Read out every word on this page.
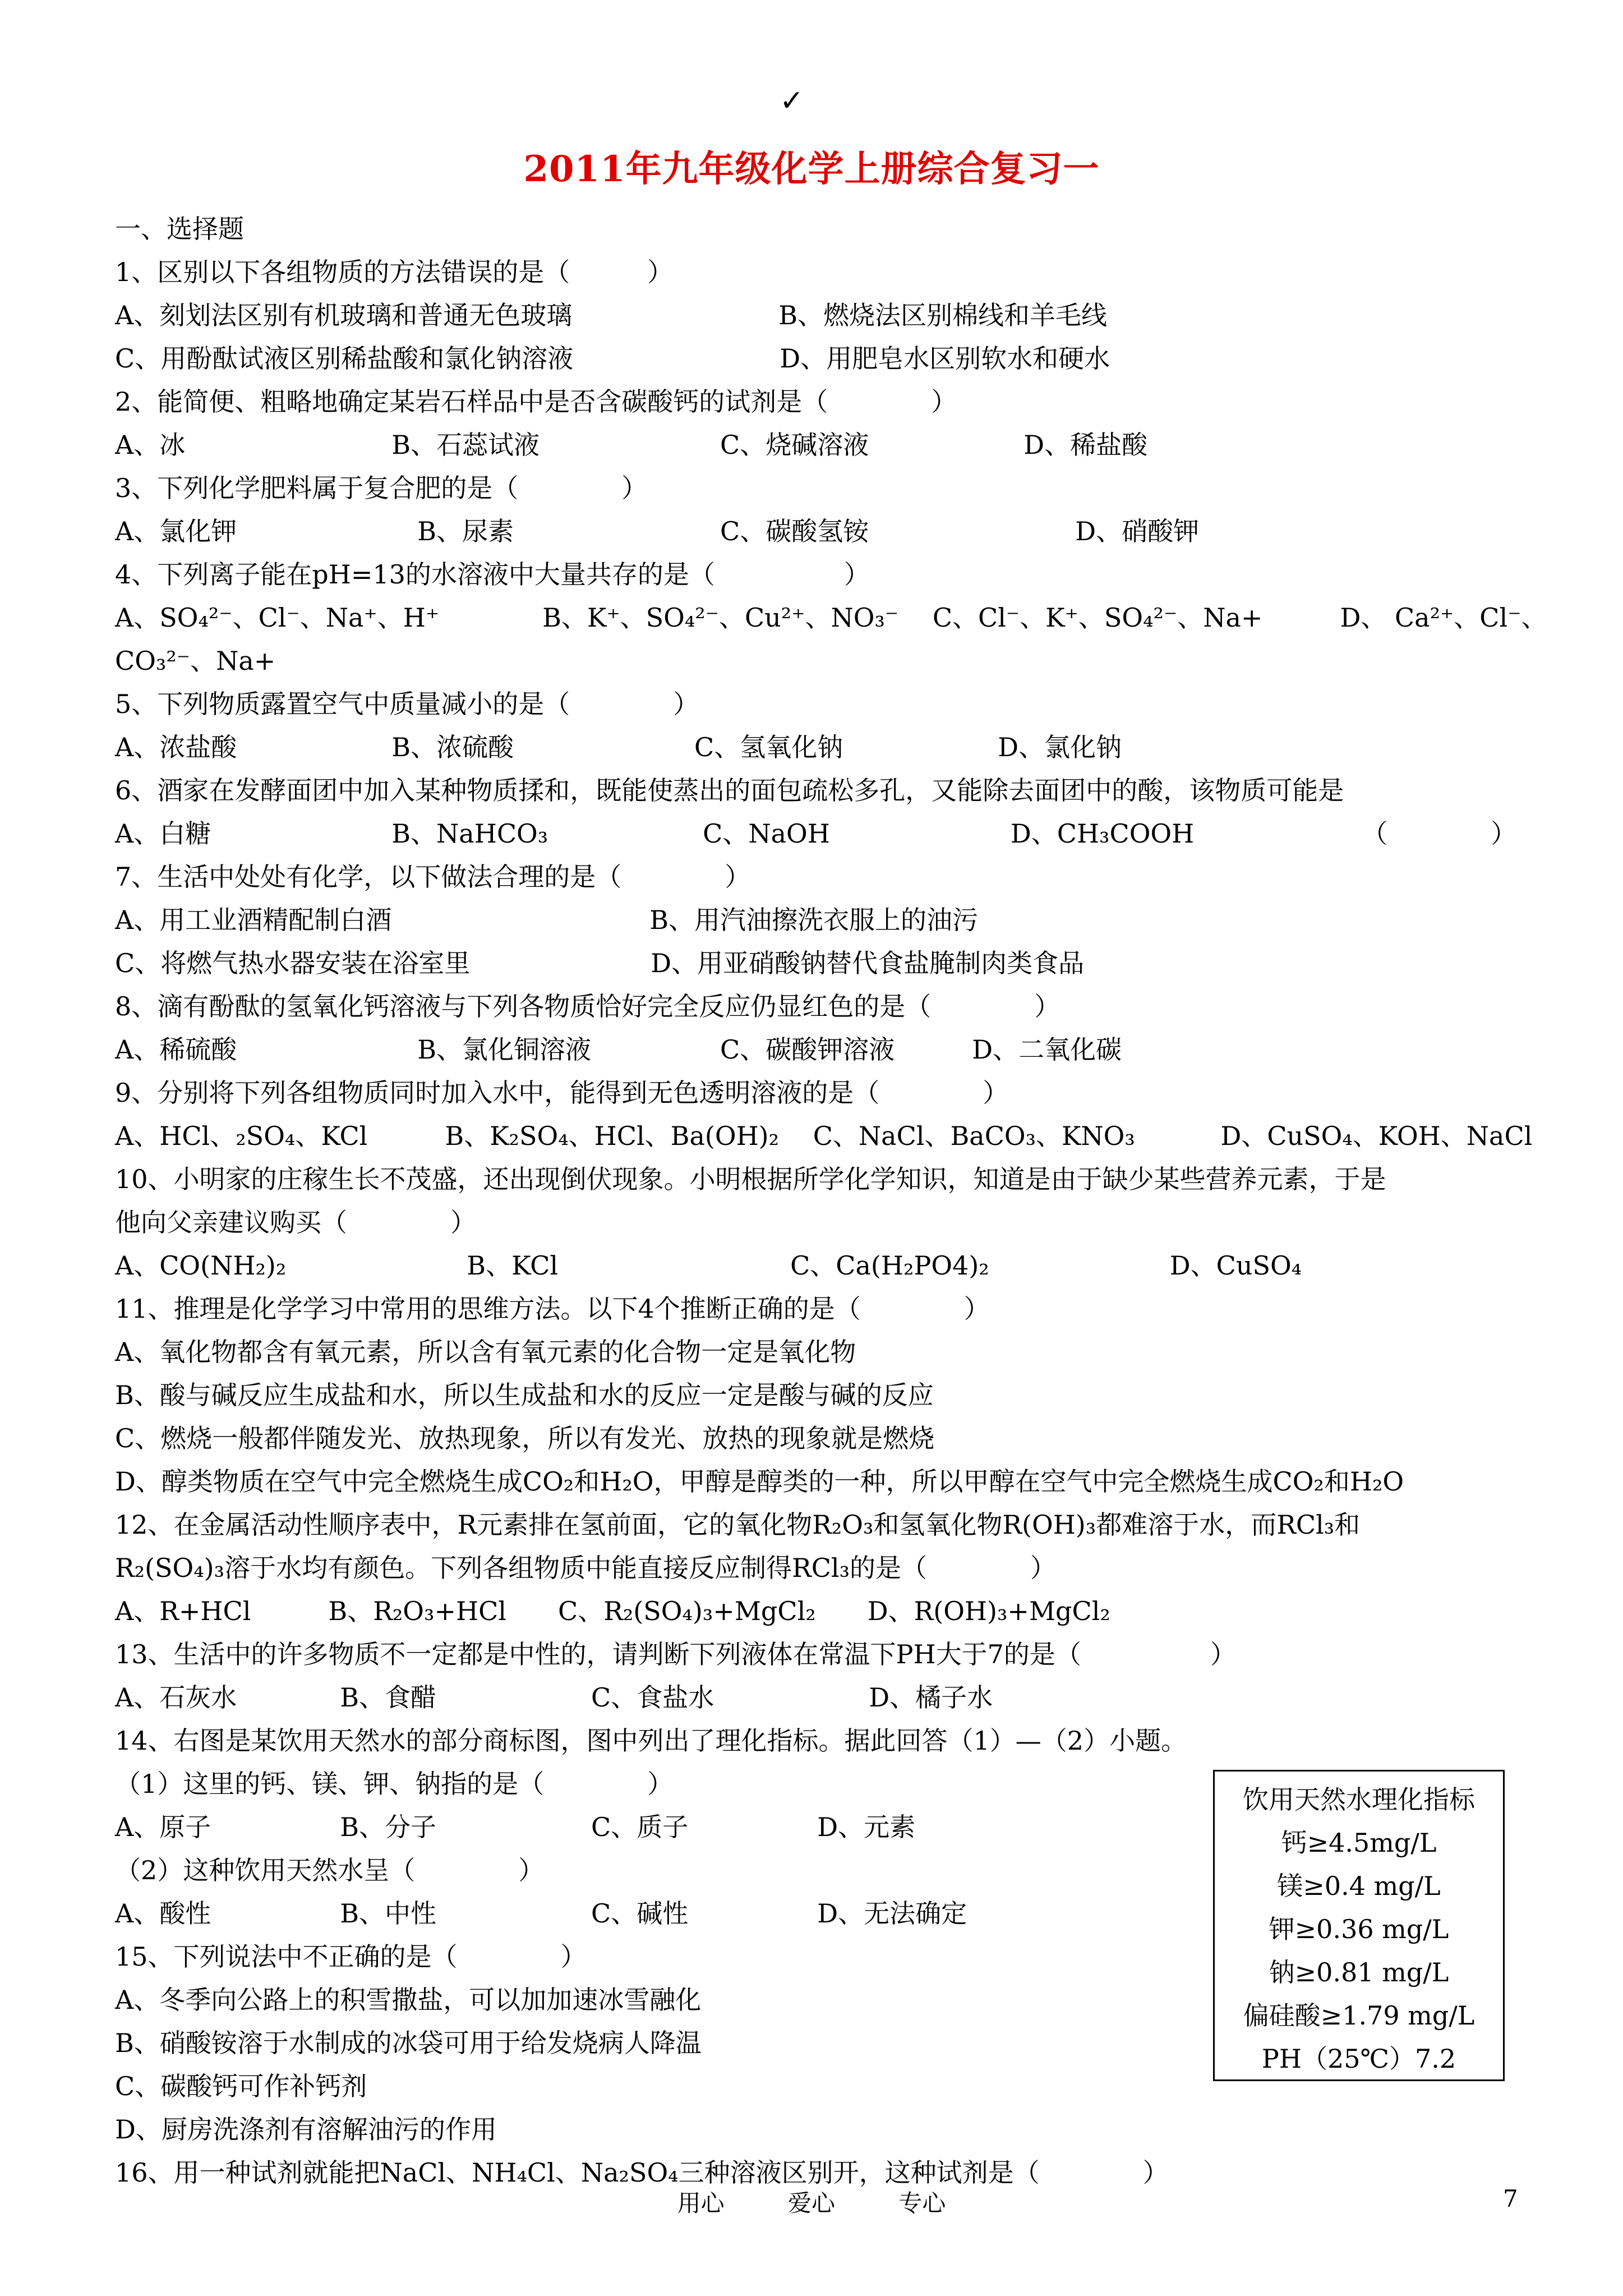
✓
2011年九年级化学上册综合复习一
一、选择题
1、区别以下各组物质的方法错误的是（　　　）
A、刻划法区别有机玻璃和普通无色玻璃　　　　　　　　B、燃烧法区别棉线和羊毛线
C、用酚酞试液区别稀盐酸和氯化钠溶液　　　　　　　　D、用肥皂水区别软水和硬水
2、能简便、粗略地确定某岩石样品中是否含碳酸钙的试剂是（　　　　）
A、冰　　　　　　　　B、石蕊试液　　　　　　　C、烧碱溶液　　　　　　D、稀盐酸
3、下列化学肥料属于复合肥的是（　　　　）
A、氯化钾　　　　　　　B、尿素　　　　　　　　C、碳酸氢铵　　　　　　　　D、硝酸钾
4、下列离子能在pH=13的水溶液中大量共存的是（　　　　　）
A、SO₄²⁻、Cl⁻、Na⁺、H⁺　　　　B、K⁺、SO₄²⁻、Cu²⁺、NO₃⁻　 C、Cl⁻、K⁺、SO₄²⁻、Na+　　　D、 Ca²⁺、Cl⁻、
CO₃²⁻、Na+
5、下列物质露置空气中质量减小的是（　　　　）
A、浓盐酸　　　　　　B、浓硫酸　　　　　　　C、氢氧化钠　　　　　　D、氯化钠
6、酒家在发酵面团中加入某种物质揉和，既能使蒸出的面包疏松多孔，又能除去面团中的酸，该物质可能是
A、白糖　　　　　　　B、NaHCO₃　　　　　　C、NaOH　　　　　　　D、CH₃COOH　　　　　　　（　　　　）
7、生活中处处有化学，以下做法合理的是（　　　　）
A、用工业酒精配制白酒　　　　　　　　　　B、用汽油擦洗衣服上的油污
C、将燃气热水器安装在浴室里　　　　　　　D、用亚硝酸钠替代食盐腌制肉类食品
8、滴有酚酞的氢氧化钙溶液与下列各物质恰好完全反应仍显红色的是（　　　　）
A、稀硫酸　　　　　　　B、氯化铜溶液　　　　　C、碳酸钾溶液　　　D、二氧化碳
9、分别将下列各组物质同时加入水中，能得到无色透明溶液的是（　　　　）
A、HCl、₂SO₄、KCl　　　B、K₂SO₄、HCl、Ba(OH)₂　 C、NaCl、BaCO₃、KNO₃　　　 D、CuSO₄、KOH、NaCl
10、小明家的庄稼生长不茂盛，还出现倒伏现象。小明根据所学化学知识，知道是由于缺少某些营养元素，于是
他向父亲建议购买（　　　　）
A、CO(NH₂)₂　　　　　　　B、KCl　　　　　　　　　C、Ca(H₂PO4)₂　　　　　　　D、CuSO₄
11、推理是化学学习中常用的思维方法。以下4个推断正确的是（　　　　）
A、氧化物都含有氧元素，所以含有氧元素的化合物一定是氧化物
B、酸与碱反应生成盐和水，所以生成盐和水的反应一定是酸与碱的反应
C、燃烧一般都伴随发光、放热现象，所以有发光、放热的现象就是燃烧
D、醇类物质在空气中完全燃烧生成CO₂和H₂O，甲醇是醇类的一种，所以甲醇在空气中完全燃烧生成CO₂和H₂O
12、在金属活动性顺序表中，R元素排在氢前面，它的氧化物R₂O₃和氢氧化物R(OH)₃都难溶于水，而RCl₃和
R₂(SO₄)₃溶于水均有颜色。下列各组物质中能直接反应制得RCl₃的是（　　　　）
A、R+HCl　　　B、R₂O₃+HCl　　C、R₂(SO₄)₃+MgCl₂　　D、R(OH)₃+MgCl₂
13、生活中的许多物质不一定都是中性的，请判断下列液体在常温下PH大于7的是（　　　　　）
A、石灰水　　　　B、食醋　　　　　　C、食盐水　　　　　　D、橘子水
14、右图是某饮用天然水的部分商标图，图中列出了理化指标。据此回答（1）—（2）小题。
（1）这里的钙、镁、钾、钠指的是（　　　　）
A、原子　　　　　B、分子　　　　　　C、质子　　　　　D、元素
（2）这种饮用天然水呈（　　　　）
A、酸性　　　　　B、中性　　　　　　C、碱性　　　　　D、无法确定
15、下列说法中不正确的是（　　　　）
A、冬季向公路上的积雪撒盐，可以加加速冰雪融化
B、硝酸铵溶于水制成的冰袋可用于给发烧病人降温
C、碳酸钙可作补钙剂
D、厨房洗涤剂有溶解油污的作用
16、用一种试剂就能把NaCl、NH₄Cl、Na₂SO₄三种溶液区别开，这种试剂是（　　　　）
饮用天然水理化指标
钙≥4.5mg/L
镁≥0.4 mg/L
钾≥0.36 mg/L
钠≥0.81 mg/L
偏硅酸≥1.79 mg/L
PH（25℃）7.2
用心	爱心	专心	7
